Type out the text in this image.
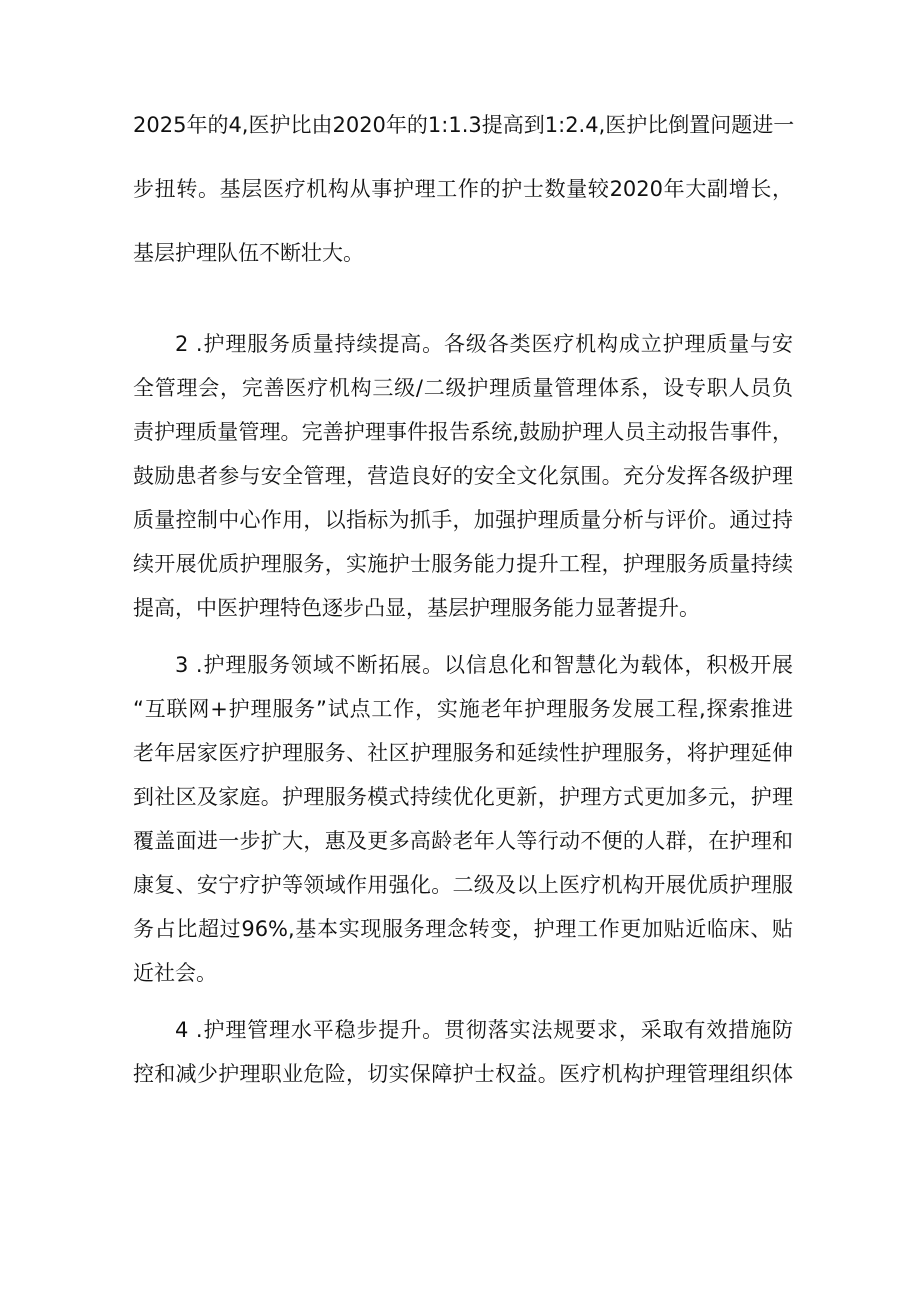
2025年的4,医护比由2020年的1:1.3提高到1:2.4,医护比倒置问题进一
步扭转。基层医疗机构从事护理工作的护士数量较2020年大副增长，
基层护理队伍不断壮大。
2 .护理服务质量持续提高。各级各类医疗机构成立护理质量与安
全管理会，完善医疗机构三级/二级护理质量管理体系，设专职人员负
责护理质量管理。完善护理事件报告系统,鼓励护理人员主动报告事件，
鼓励患者参与安全管理，营造良好的安全文化氛围。充分发挥各级护理
质量控制中心作用，以指标为抓手，加强护理质量分析与评价。通过持
续开展优质护理服务，实施护士服务能力提升工程，护理服务质量持续
提高，中医护理特色逐步凸显，基层护理服务能力显著提升。
3 .护理服务领域不断拓展。以信息化和智慧化为载体，积极开展
“互联网+护理服务”试点工作，实施老年护理服务发展工程,探索推进
老年居家医疗护理服务、社区护理服务和延续性护理服务，将护理延伸
到社区及家庭。护理服务模式持续优化更新，护理方式更加多元，护理
覆盖面进一步扩大，惠及更多高龄老年人等行动不便的人群，在护理和
康复、安宁疗护等领域作用强化。二级及以上医疗机构开展优质护理服
务占比超过96%,基本实现服务理念转变，护理工作更加贴近临床、贴
近社会。
4 .护理管理水平稳步提升。贯彻落实法规要求，采取有效措施防
控和减少护理职业危险，切实保障护士权益。医疗机构护理管理组织体
